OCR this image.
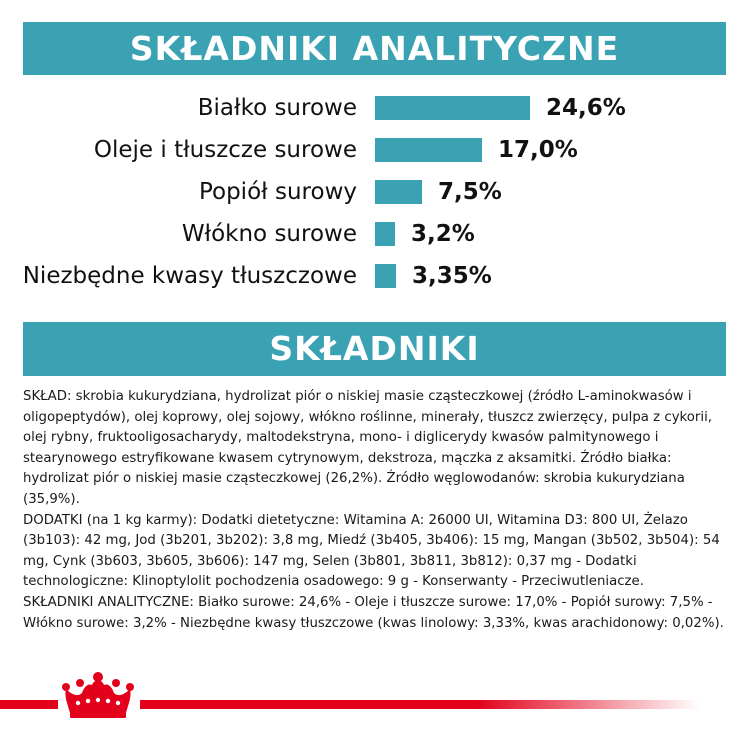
SKŁADNIKI ANALITYCZNE
Białko surowe	24,6%
Oleje i tłuszcze surowe	17,0%
Popiół surowy	7,5%
Włókno surowe 3,2%
Niezbędne kwasy tłuszczowe 3,35%
SKŁADNIKI

SKŁAD: skrobia kukurydziana, hydrolizat piór o niskiej masie cząsteczkowej (źródło L-aminokwasów i oligopeptydów), olej koprowy, olej sojowy, włókno roślinne, minerały, tłuszcz zwierzęcy, pulpa z cykorii, olej rybny, fruktooligosacharydy, maltodekstryna, mono- i diglicerydy kwasów palmitynowego i stearynowego estryfikowane kwasem cytrynowym, dekstroza, mączka z aksamitki. Źródło białka: hydrolizat piór o niskiej masie cząsteczkowej (26,2%). Źródło węglowodanów: skrobia kukurydziana (35,9%).

DODATKI (na 1 kg karmy): Dodatki dietetyczne: Witamina A: 26000 UI, Witamina D3: 800 UI, Żelazo (3b103): 42 mg, Jod (3b201, 3b202): 3,8 mg, Miedź (3b405, 3b406): 15 mg, Mangan (3b502, 3b504): 54 mg, Cynk (3b603, 3b605, 3b606): 147 mg, Selen (3b801, 3b811, 3b812): 0,37 mg - Dodatki technologiczne: Klinoptylolit pochodzenia osadowego: 9 g - Konserwanty - Przeciwutleniacze.

SKŁADNIKI ANALITYCZNE: Białko surowe: 24,6% - Oleje i tłuszcze surowe: 17,0% - Popiół surowy: 7,5% - Włókno surowe: 3,2% - Niezbędne kwasy tłuszczowe (kwas linolowy: 3,33%, kwas arachidonowy: 0,02%).
